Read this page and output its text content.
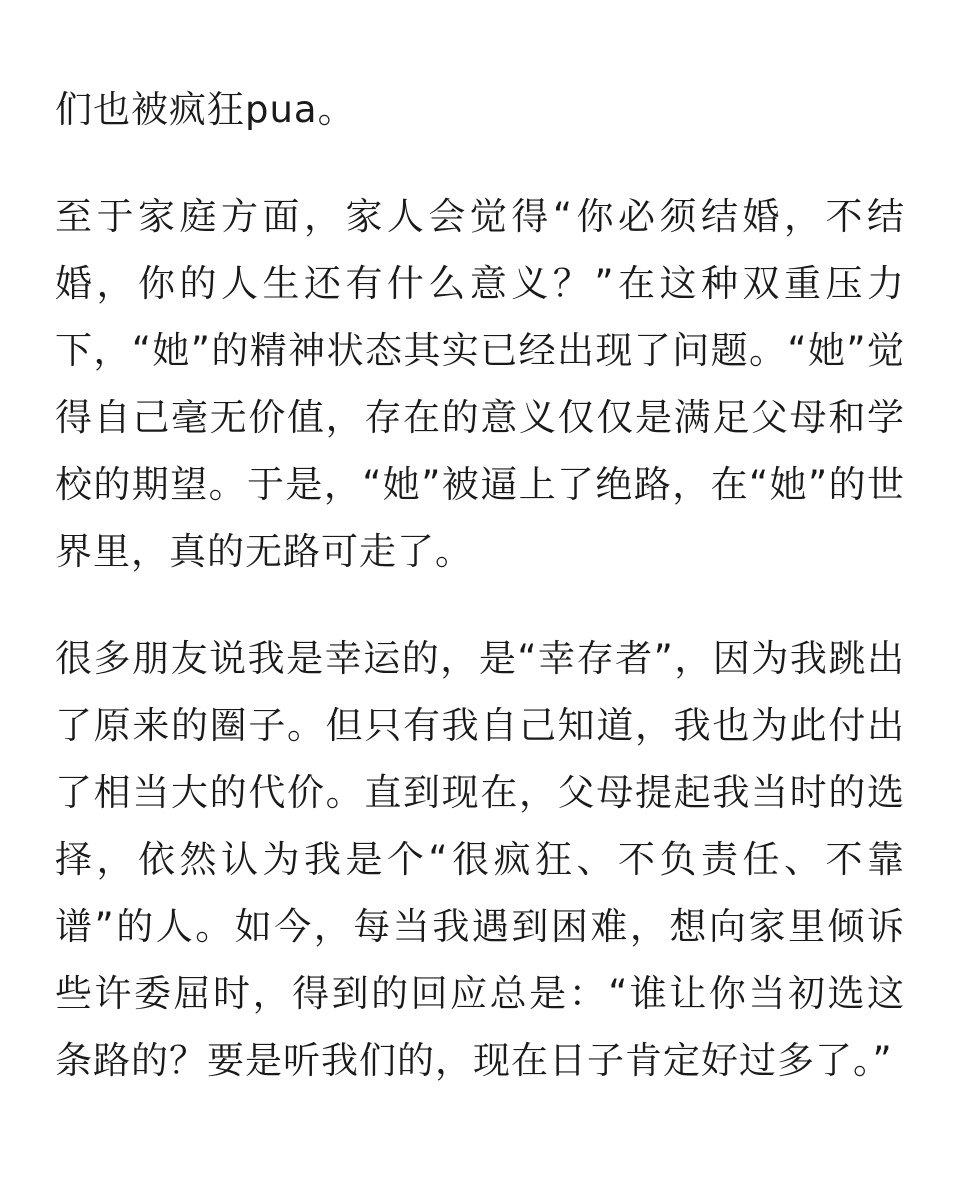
们也被疯狂pua。

至于家庭方面，家人会觉得“你必须结婚，不结婚，你的人生还有什么意义？”在这种双重压力下，“她”的精神状态其实已经出现了问题。“她”觉得自己毫无价值，存在的意义仅仅是满足父母和学校的期望。于是，“她”被逼上了绝路，在“她”的世界里，真的无路可走了。

很多朋友说我是幸运的，是“幸存者”，因为我跳出了原来的圈子。但只有我自己知道，我也为此付出了相当大的代价。直到现在，父母提起我当时的选择，依然认为我是个“很疯狂、不负责任、不靠谱”的人。如今，每当我遇到困难，想向家里倾诉些许委屈时，得到的回应总是：“谁让你当初选这条路的？要是听我们的，现在日子肯定好过多了。”
